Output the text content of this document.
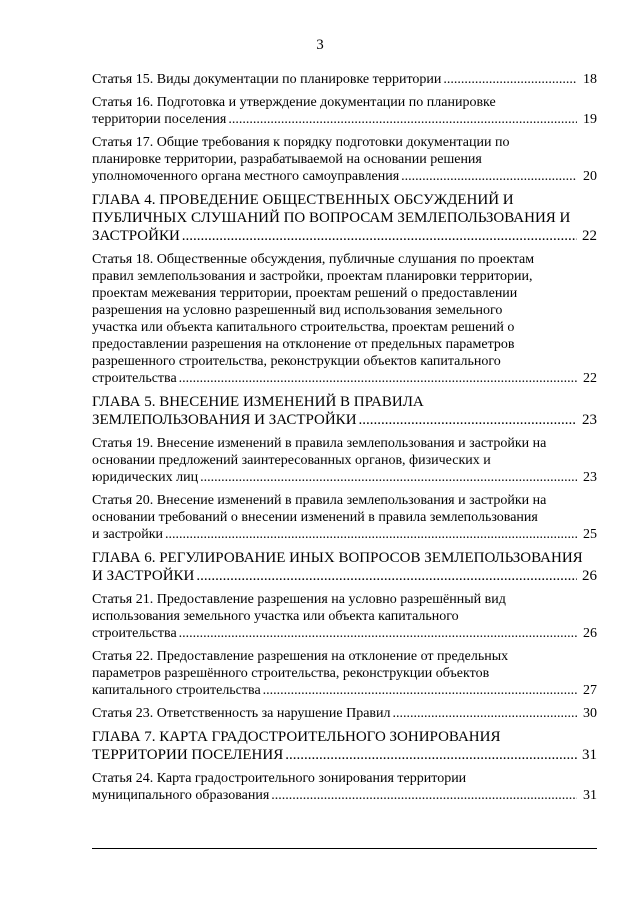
3
Статья 15. Виды документации по планировке территории .....	18
Статья 16. Подготовка и утверждение документации по планировке
территории поселения .....	19
Статья 17. Общие требования к порядку подготовки документации по
планировке территории, разрабатываемой на основании решения
уполномоченного органа местного самоуправления .....	20
ГЛАВА 4. ПРОВЕДЕНИЕ ОБЩЕСТВЕННЫХ ОБСУЖДЕНИЙ И
ПУБЛИЧНЫХ СЛУШАНИЙ ПО ВОПРОСАМ ЗЕМЛЕПОЛЬЗОВАНИЯ И
ЗАСТРОЙКИ .....	22
Статья 18. Общественные обсуждения, публичные слушания по проектам
правил землепользования и застройки, проектам планировки территории,
проектам межевания территории, проектам решений о предоставлении
разрешения на условно разрешенный вид использования земельного
участка или объекта капитального строительства, проектам решений о
предоставлении разрешения на отклонение от предельных параметров
разрешенного строительства, реконструкции объектов капитального
строительства .....	22
ГЛАВА 5. ВНЕСЕНИЕ ИЗМЕНЕНИЙ В ПРАВИЛА
ЗЕМЛЕПОЛЬЗОВАНИЯ И ЗАСТРОЙКИ .....	23
Статья 19. Внесение изменений в правила землепользования и застройки на
основании предложений заинтересованных органов, физических и
юридических лиц .....	23
Статья 20. Внесение изменений в правила землепользования и застройки на
основании требований о внесении изменений в правила землепользования
и застройки .....	25
ГЛАВА 6. РЕГУЛИРОВАНИЕ ИНЫХ ВОПРОСОВ ЗЕМЛЕПОЛЬЗОВАНИЯ
И ЗАСТРОЙКИ .....	26
Статья 21. Предоставление разрешения на условно разрешённый вид
использования земельного участка или объекта капитального
строительства .....	26
Статья 22. Предоставление разрешения на отклонение от предельных
параметров разрешённого строительства, реконструкции объектов
капитального строительства .....	27
Статья 23. Ответственность за нарушение Правил .....	30
ГЛАВА 7. КАРТА ГРАДОСТРОИТЕЛЬНОГО ЗОНИРОВАНИЯ
ТЕРРИТОРИИ ПОСЕЛЕНИЯ .....	31
Статья 24. Карта градостроительного зонирования территории
муниципального образования .....	31
